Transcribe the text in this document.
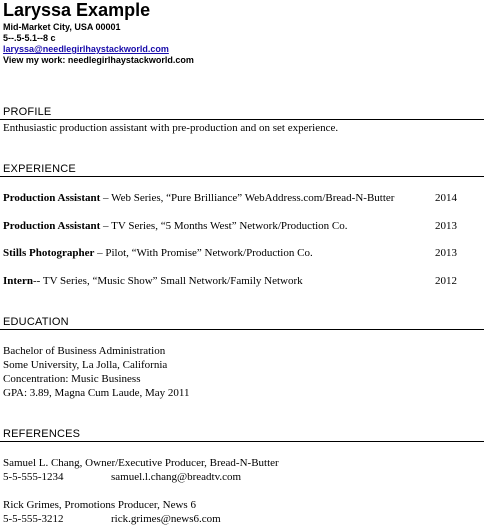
Laryssa Example
Mid-Market City, USA 00001
5--.5-5.1--8 c
laryssa@needlegirlhaystackworld.com
View my work: needlegirlhaystackworld.com
PROFILE
Enthusiastic production assistant with pre-production and on set experience.
EXPERIENCE
Production Assistant – Web Series, “Pure Brilliance” WebAddress.com/Bread-N-Butter	2014
Production Assistant – TV Series, “5 Months West” Network/Production Co.	2013
Stills Photographer – Pilot, “With Promise” Network/Production Co.	2013
Intern-- TV Series, “Music Show” Small Network/Family Network	2012
EDUCATION
Bachelor of Business Administration
Some University, La Jolla, California
Concentration: Music Business
GPA: 3.89, Magna Cum Laude, May 2011
REFERENCES
Samuel L. Chang, Owner/Executive Producer, Bread-N-Butter
5-5-555-1234	samuel.l.chang@breadtv.com
Rick Grimes, Promotions Producer, News 6
5-5-555-3212	rick.grimes@news6.com
